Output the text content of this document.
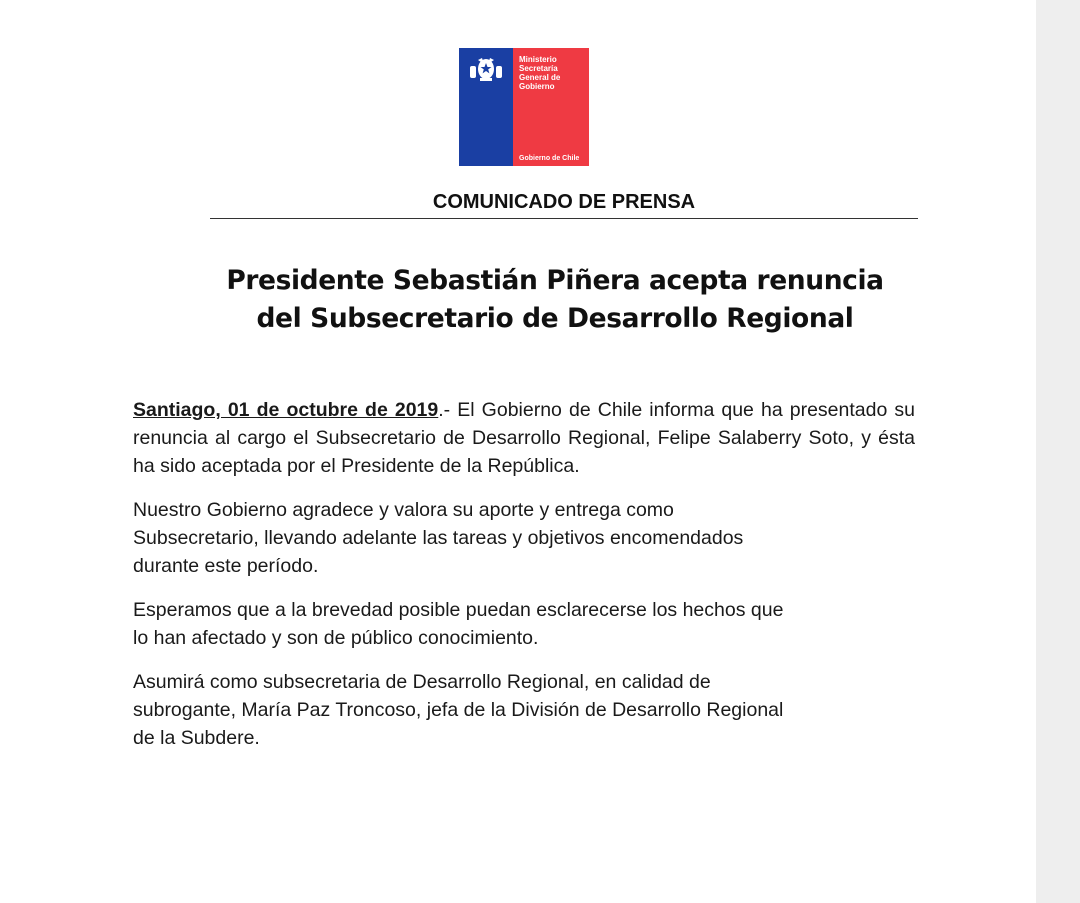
Ministerio
Secretaría
General de
Gobierno
Gobierno de Chile
COMUNICADO DE PRENSA
Presidente Sebastián Piñera acepta renuncia
del Subsecretario de Desarrollo Regional

Santiago, 01 de octubre de 2019.- El Gobierno de Chile informa que ha presentado su renuncia al cargo el Subsecretario de Desarrollo Regional, Felipe Salaberry Soto, y ésta ha sido aceptada por el Presidente de la República.

Nuestro Gobierno agradece y valora su aporte y entrega como
Subsecretario, llevando adelante las tareas y objetivos encomendados
durante este período.

Esperamos que a la brevedad posible puedan esclarecerse los hechos que
lo han afectado y son de público conocimiento.

Asumirá como subsecretaria de Desarrollo Regional, en calidad de
subrogante, María Paz Troncoso, jefa de la División de Desarrollo Regional
de la Subdere.
